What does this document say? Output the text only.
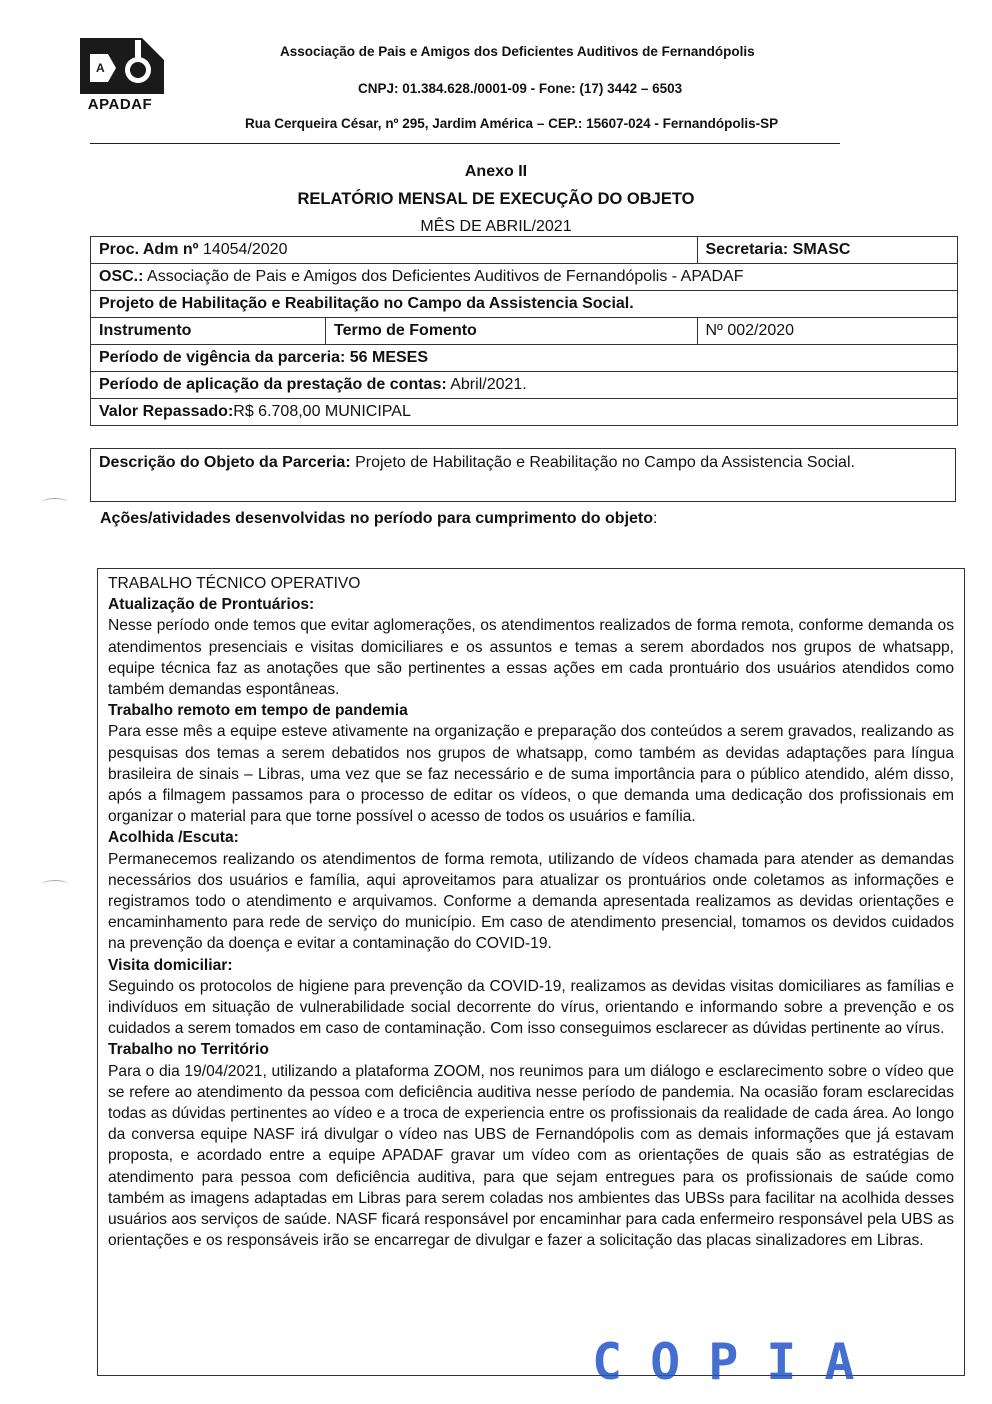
A
APADAF
Associação de Pais e Amigos dos Deficientes Auditivos de Fernandópolis
CNPJ: 01.384.628./0001-09 - Fone: (17) 3442 – 6503
Rua Cerqueira César, nº 295, Jardim América – CEP.: 15607-024 - Fernandópolis-SP
Anexo II
RELATÓRIO MENSAL DE EXECUÇÃO DO OBJETO
MÊS DE ABRIL/2021
Proc. Adm nº 14054/2020		Secretaria: SMASC
OSC.: Associação de Pais e Amigos dos Deficientes Auditivos de Fernandópolis - APADAF		
Projeto de Habilitação e Reabilitação no Campo da Assistencia Social.		
Instrumento	Termo de Fomento	Nº 002/2020
Período de vigência da parceria: 56 MESES		
Período de aplicação da prestação de contas: Abril/2021.		
Valor Repassado:R$ 6.708,00 MUNICIPAL		
Descrição do Objeto da Parceria: Projeto de Habilitação e Reabilitação no Campo da Assistencia Social.
Ações/atividades desenvolvidas no período para cumprimento do objeto:
TRABALHO TÉCNICO OPERATIVO
Atualização de Prontuários:
Nesse período onde temos que evitar aglomerações, os atendimentos realizados de forma remota, conforme demanda os atendimentos presenciais e visitas domiciliares e os assuntos e temas a serem abordados nos grupos de whatsapp, equipe técnica faz as anotações que são pertinentes a essas ações em cada prontuário dos usuários atendidos como também demandas espontâneas.
Trabalho remoto em tempo de pandemia
Para esse mês a equipe esteve ativamente na organização e preparação dos conteúdos a serem gravados, realizando as pesquisas dos temas a serem debatidos nos grupos de whatsapp, como também as devidas adaptações para língua brasileira de sinais – Libras, uma vez que se faz necessário e de suma importância para o público atendido, além disso, após a filmagem passamos para o processo de editar os vídeos, o que demanda uma dedicação dos profissionais em organizar o material para que torne possível o acesso de todos os usuários e família.
Acolhida /Escuta:
Permanecemos realizando os atendimentos de forma remota, utilizando de vídeos chamada para atender as demandas necessários dos usuários e família, aqui aproveitamos para atualizar os prontuários onde coletamos as informações e registramos todo o atendimento e arquivamos. Conforme a demanda apresentada realizamos as devidas orientações e encaminhamento para rede de serviço do município. Em caso de atendimento presencial, tomamos os devidos cuidados na prevenção da doença e evitar a contaminação do COVID-19.
Visita domiciliar:
Seguindo os protocolos de higiene para prevenção da COVID-19, realizamos as devidas visitas domiciliares as famílias e indivíduos em situação de vulnerabilidade social decorrente do vírus, orientando e informando sobre a prevenção e os cuidados a serem tomados em caso de contaminação. Com isso conseguimos esclarecer as dúvidas pertinente ao vírus.
Trabalho no Território
Para o dia 19/04/2021, utilizando a plataforma ZOOM, nos reunimos para um diálogo e esclarecimento sobre o vídeo que se refere ao atendimento da pessoa com deficiência auditiva nesse período de pandemia. Na ocasião foram esclarecidas todas as dúvidas pertinentes ao vídeo e a troca de experiencia entre os profissionais da realidade de cada área. Ao longo da conversa equipe NASF irá divulgar o vídeo nas UBS de Fernandópolis com as demais informações que já estavam proposta, e acordado entre a equipe APADAF gravar um vídeo com as orientações de quais são as estratégias de atendimento para pessoa com deficiência auditiva, para que sejam entregues para os profissionais de saúde como também as imagens adaptadas em Libras para serem coladas nos ambientes das UBSs para facilitar na acolhida desses usuários aos serviços de saúde. NASF ficará responsável por encaminhar para cada enfermeiro responsável pela UBS as orientações e os responsáveis irão se encarregar de divulgar e fazer a solicitação das placas sinalizadores em Libras.
COPIA
